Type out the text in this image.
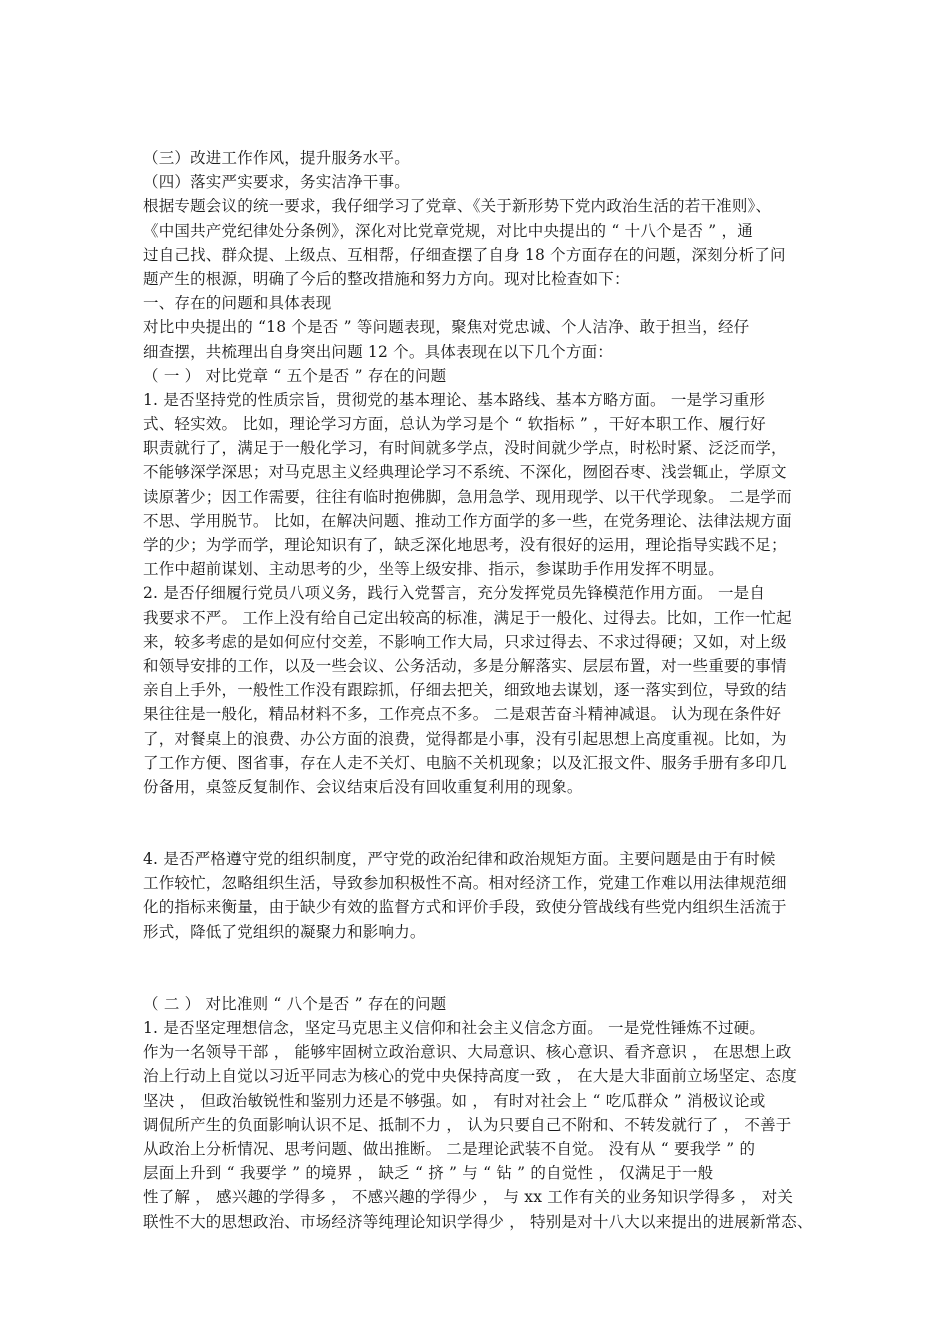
（三）改进工作作风，提升服务水平。
（四）落实严实要求，务实洁净干事。
根据专题会议的统一要求，我仔细学习了党章、《关于新形势下党内政治生活的若干准则》、
《中国共产党纪律处分条例》，深化对比党章党规，对比中央提出的 “ 十八个是否 ” ，通
过自己找、群众提、上级点、互相帮，仔细查摆了自身 18 个方面存在的问题，深刻分析了问
题产生的根源，明确了今后的整改措施和努力方向。现对比检查如下：
一、存在的问题和具体表现
对比中央提出的 “18 个是否 ” 等问题表现，聚焦对党忠诚、个人洁净、敢于担当，经仔
细查摆，共梳理出自身突出问题 12 个。具体表现在以下几个方面：
（ 一 ） 对比党章 “ 五个是否 ” 存在的问题
1. 是否坚持党的性质宗旨，贯彻党的基本理论、基本路线、基本方略方面。 一是学习重形
式、轻实效。 比如，理论学习方面，总认为学习是个 “ 软指标 ” ，干好本职工作、履行好
职责就行了，满足于一般化学习，有时间就多学点，没时间就少学点，时松时紧、泛泛而学，
不能够深学深思；对马克思主义经典理论学习不系统、不深化，囫囵吞枣、浅尝辄止，学原文
读原著少；因工作需要，往往有临时抱佛脚，急用急学、现用现学、以干代学现象。 二是学而
不思、学用脱节。 比如，在解决问题、推动工作方面学的多一些，在党务理论、法律法规方面
学的少；为学而学，理论知识有了，缺乏深化地思考，没有很好的运用，理论指导实践不足；
工作中超前谋划、主动思考的少，坐等上级安排、指示，参谋助手作用发挥不明显。
2. 是否仔细履行党员八项义务，践行入党誓言，充分发挥党员先锋模范作用方面。 一是自
我要求不严。 工作上没有给自己定出较高的标准，满足于一般化、过得去。比如，工作一忙起
来，较多考虑的是如何应付交差，不影响工作大局，只求过得去、不求过得硬；又如，对上级
和领导安排的工作，以及一些会议、公务活动，多是分解落实、层层布置，对一些重要的事情
亲自上手外，一般性工作没有跟踪抓，仔细去把关，细致地去谋划，逐一落实到位，导致的结
果往往是一般化，精品材料不多，工作亮点不多。 二是艰苦奋斗精神减退。 认为现在条件好
了，对餐桌上的浪费、办公方面的浪费，觉得都是小事，没有引起思想上高度重视。比如，为
了工作方便、图省事，存在人走不关灯、电脑不关机现象；以及汇报文件、服务手册有多印几
份备用，桌签反复制作、会议结束后没有回收重复利用的现象。
4. 是否严格遵守党的组织制度，严守党的政治纪律和政治规矩方面。主要问题是由于有时候
工作较忙，忽略组织生活，导致参加积极性不高。相对经济工作，党建工作难以用法律规范细
化的指标来衡量，由于缺少有效的监督方式和评价手段，致使分管战线有些党内组织生活流于
形式，降低了党组织的凝聚力和影响力。
（ 二 ） 对比准则 “ 八个是否 ” 存在的问题
1. 是否坚定理想信念，坚定马克思主义信仰和社会主义信念方面。 一是党性锤炼不过硬。
作为一名领导干部 ， 能够牢固树立政治意识、大局意识、核心意识、看齐意识 ， 在思想上政
治上行动上自觉以习近平同志为核心的党中央保持高度一致 ， 在大是大非面前立场坚定、态度
坚决 ， 但政治敏锐性和鉴别力还是不够强。如 ， 有时对社会上 “ 吃瓜群众 ” 消极议论或
调侃所产生的负面影响认识不足、抵制不力 ， 认为只要自己不附和、不转发就行了 ， 不善于
从政治上分析情况、思考问题、做出推断。 二是理论武装不自觉。 没有从 “ 要我学 ” 的
层面上升到 “ 我要学 ” 的境界 ， 缺乏 “ 挤 ” 与 “ 钻 ” 的自觉性 ， 仅满足于一般
性了解 ， 感兴趣的学得多 ， 不感兴趣的学得少 ， 与 xx 工作有关的业务知识学得多 ， 对关
联性不大的思想政治、市场经济等纯理论知识学得少 ， 特别是对十八大以来提出的进展新常态、
